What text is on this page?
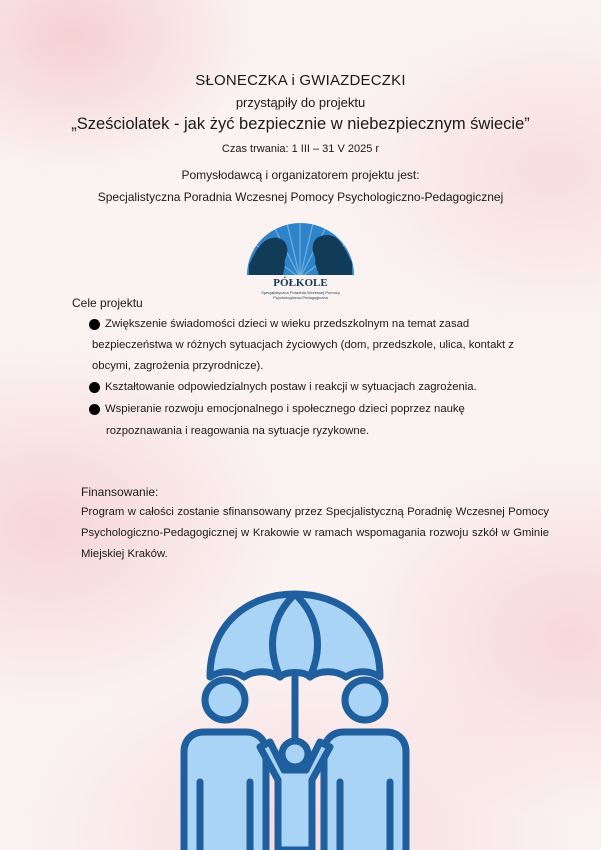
SŁONECZKA i GWIAZDECZKI
przystąpiły do projektu
„Sześciolatek - jak żyć bezpiecznie w niebezpiecznym świecie”
Czas trwania: 1 III – 31 V 2025 r
Pomysłodawcą i organizatorem projektu jest:
Specjalistyczna Poradnia Wczesnej Pomocy Psychologiczno-Pedagogicznej
PÓŁKOLE
Specjalistyczna Poradnia Wczesnej Pomocy
Psychologiczno-Pedagogiczna
Cele projektu
Zwiększenie świadomości dzieci w wieku przedszkolnym na temat zasad
bezpieczeństwa w różnych sytuacjach życiowych (dom, przedszkole, ulica, kontakt z
obcymi, zagrożenia przyrodnicze).
Kształtowanie odpowiedzialnych postaw i reakcji w sytuacjach zagrożenia.
Wspieranie rozwoju emocjonalnego i społecznego dzieci poprzez naukę
rozpoznawania i reagowania na sytuacje ryzykowne.
Finansowanie:
Program w całości zostanie sfinansowany przez Specjalistyczną Poradnię Wczesnej Pomocy Psychologiczno-Pedagogicznej w Krakowie w ramach wspomagania rozwoju szkół w Gminie Miejskiej Kraków.
